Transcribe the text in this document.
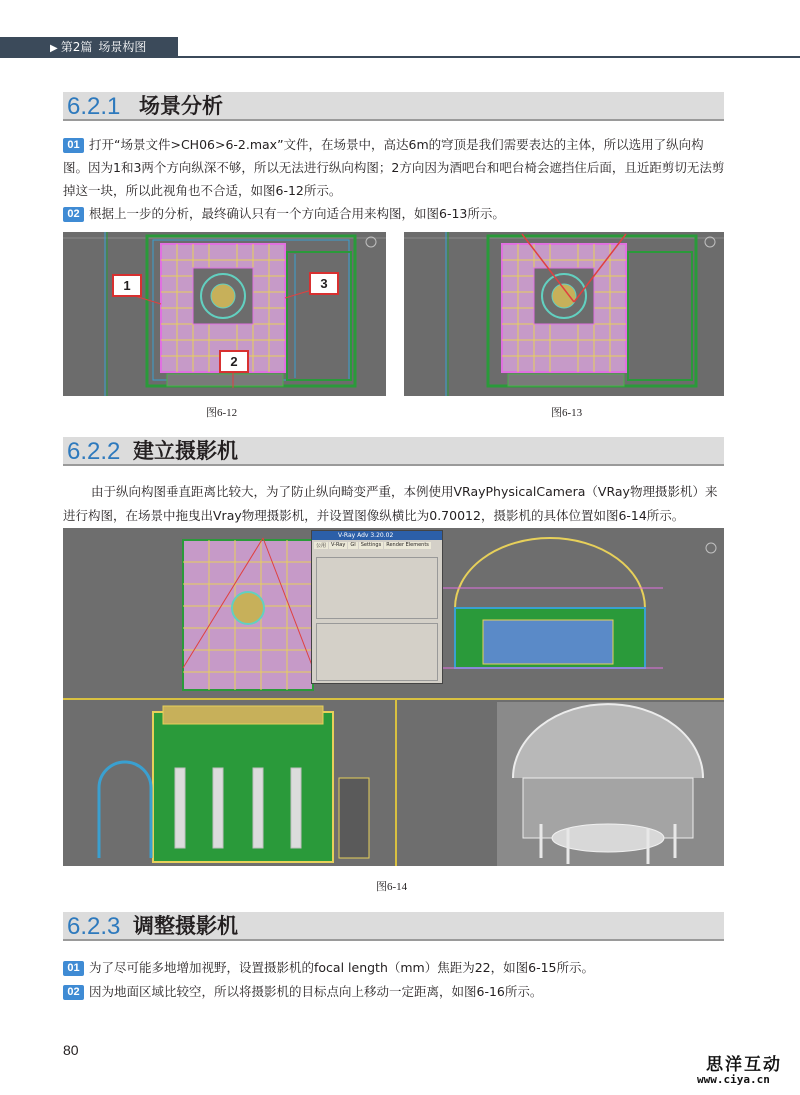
▶ 第2篇 场景构图
6.2.1 场景分析
01 打开“场景文件>CH06>6-2.max”文件，在场景中，高达6m的穹顶是我们需要表达的主体，所以选用了纵向构图。因为1和3两个方向纵深不够，所以无法进行纵向构图；2方向因为酒吧台和吧台椅会遮挡住后面，且近距剪切无法剪掉这一块，所以此视角也不合适，如图6-12所示。
02 根据上一步的分析，最终确认只有一个方向适合用来构图，如图6-13所示。
1	3
2
图6-12	图6-13
6.2.2 建立摄影机
由于纵向构图垂直距离比较大，为了防止纵向畸变严重，本例使用VRayPhysicalCamera（VRay物理摄影机）来进行构图，在场景中拖曳出Vray物理摄影机，并设置图像纵横比为0.70012，摄影机的具体位置如图6-14所示。
V-Ray Adv 3.20.02
公用	V-Ray	GI	Settings	Render Elements
图6-14
6.2.3 调整摄影机
01 为了尽可能多地增加视野，设置摄影机的focal length（mm）焦距为22，如图6-15所示。
02 因为地面区域比较空，所以将摄影机的目标点向上移动一定距离，如图6-16所示。
80
思洋互动
www.ciya.cn
